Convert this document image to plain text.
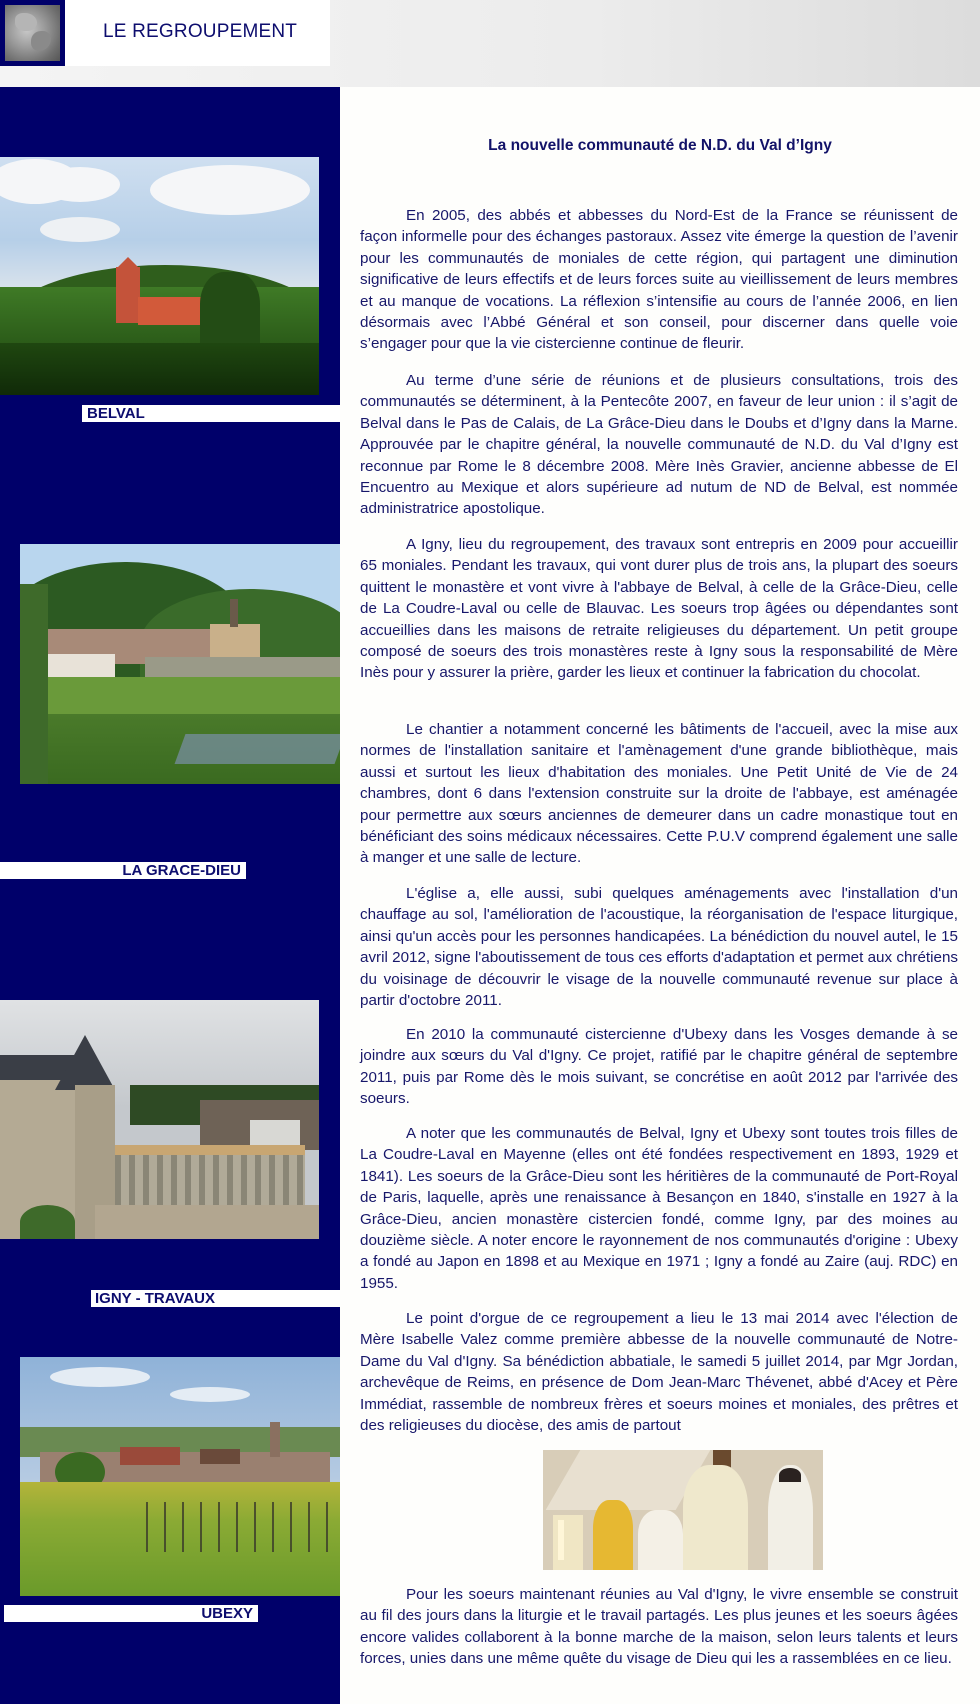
LE REGROUPEMENT
BELVAL
LA GRACE-DIEU
IGNY - TRAVAUX
UBEXY
La nouvelle communauté de N.D. du Val d’Igny

En 2005, des abbés et abbesses du Nord-Est de la France se réunissent de façon informelle pour des échanges pastoraux. Assez vite émerge la question de l’avenir pour les communautés de moniales de cette région, qui partagent une diminution significative de leurs effectifs et de leurs forces suite au vieillissement de leurs membres et au manque de vocations. La réflexion s’intensifie au cours de l’année 2006, en lien désormais avec l’Abbé Général et son conseil, pour discerner dans quelle voie s’engager pour que la vie cistercienne continue de fleurir.

Au terme d’une série de réunions et de plusieurs consultations, trois des communautés se déterminent, à la Pentecôte 2007, en faveur de leur union : il s’agit de Belval dans le Pas de Calais, de La Grâce-Dieu dans le Doubs et d’Igny dans la Marne. Approuvée par le chapitre général, la nouvelle communauté de N.D. du Val d’Igny est reconnue par Rome le 8 décembre 2008. Mère Inès Gravier, ancienne abbesse de El Encuentro au Mexique et alors supérieure ad nutum de ND de Belval, est nommée administratrice apostolique.

A Igny, lieu du regroupement, des travaux sont entrepris en 2009 pour accueillir 65 moniales. Pendant les travaux, qui vont durer plus de trois ans, la plupart des soeurs quittent le monastère et vont vivre à l'abbaye de Belval, à celle de la Grâce-Dieu, celle de La Coudre-Laval ou celle de Blauvac. Les soeurs trop âgées ou dépendantes sont accueillies dans les maisons de retraite religieuses du département. Un petit groupe composé de soeurs des trois monastères reste à Igny sous la responsabilité de Mère Inès pour y assurer la prière, garder les lieux et continuer la fabrication du chocolat.

Le chantier a notamment concerné les bâtiments de l'accueil, avec la mise aux normes de l'installation sanitaire et l'amènagement d'une grande bibliothèque, mais aussi et surtout les lieux d'habitation des moniales. Une Petit Unité de Vie de 24 chambres, dont 6 dans l'extension construite sur la droite de l'abbaye, est aménagée pour permettre aux sœurs anciennes de demeurer dans un cadre monastique tout en bénéficiant des soins médicaux nécessaires. Cette P.U.V comprend également une salle à manger et une salle de lecture.

L'église a, elle aussi, subi quelques aménagements avec l'installation d'un chauffage au sol, l'amélioration de l'acoustique, la réorganisation de l'espace liturgique, ainsi qu'un accès pour les personnes handicapées. La bénédiction du nouvel autel, le 15 avril 2012, signe l'aboutissement de tous ces efforts d'adaptation et permet aux chrétiens du voisinage de découvrir le visage de la nouvelle communauté revenue sur place à partir d'octobre 2011.

En 2010 la communauté cistercienne d'Ubexy dans les Vosges demande à se joindre aux sœurs du Val d'Igny. Ce projet, ratifié par le chapitre général de septembre 2011, puis par Rome dès le mois suivant, se concrétise en août 2012 par l'arrivée des soeurs.

A noter que les communautés de Belval, Igny et Ubexy sont toutes trois filles de La Coudre-Laval en Mayenne (elles ont été fondées respectivement en 1893, 1929 et 1841). Les soeurs de la Grâce-Dieu sont les héritières de la communauté de Port-Royal de Paris, laquelle, après une renaissance à Besançon en 1840, s'installe en 1927 à la Grâce-Dieu, ancien monastère cistercien fondé, comme Igny, par des moines au douzième siècle. A noter encore le rayonnement de nos communautés d'origine : Ubexy a fondé au Japon en 1898 et au Mexique en 1971 ; Igny a fondé au Zaire (auj. RDC) en 1955.

Le point d'orgue de ce regroupement a lieu le 13 mai 2014 avec l'élection de Mère Isabelle Valez comme première abbesse de la nouvelle communauté de Notre-Dame du Val d'Igny. Sa bénédiction abbatiale, le samedi 5 juillet 2014, par Mgr Jordan, archevêque de Reims, en présence de Dom Jean-Marc Thévenet, abbé d'Acey et Père Immédiat, rassemble de nombreux frères et soeurs moines et moniales, des prêtres et des religieuses du diocèse, des amis de partout

Pour les soeurs maintenant réunies au Val d'Igny, le vivre ensemble se construit au fil des jours dans la liturgie et le travail partagés. Les plus jeunes et les soeurs âgées encore valides collaborent à la bonne marche de la maison, selon leurs talents et leurs forces, unies dans une même quête du visage de Dieu qui les a rassemblées en ce lieu.
